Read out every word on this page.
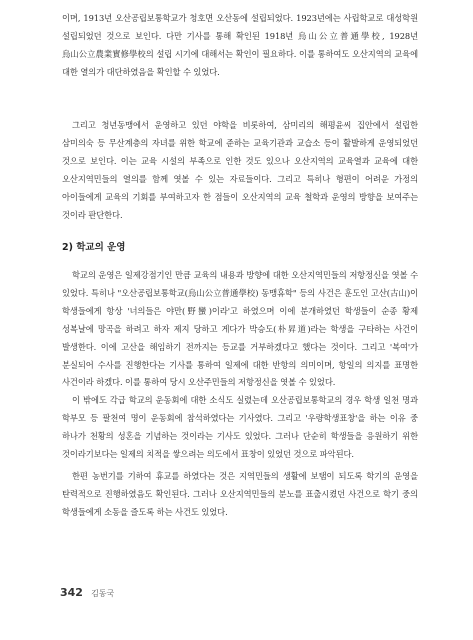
이며, 1913년 오산공립보통학교가 청호면 오산동에 설립되었다. 1923년에는 사립학교로 대성학원 설립되었던 것으로 보인다. 다만 기사를 통해 확인된 1918년 烏山公立普通學校, 1928년 烏山公立農業實修學校의 설립 시기에 대해서는 확인이 필요하다. 이를 통하여도 오산지역의 교육에 대한 열의가 대단하였음을 확인할 수 있었다.

그리고 청년동맹에서 운영하고 있던 야학을 비롯하여, 삼미리의 해평윤씨 집안에서 설립한 삼미의숙 등 무산계층의 자녀를 위한 학교에 준하는 교육기관과 교습소 등이 활발하게 운영되었던 것으로 보인다. 이는 교육 시설의 부족으로 인한 것도 있으나 오산지역의 교육열과 교육에 대한 오산지역민들의 열의를 함께 엿볼 수 있는 자료들이다. 그리고 특히나 형편이 어려운 가정의 아이들에게 교육의 기회를 부여하고자 한 점들이 오산지역의 교육 철학과 운영의 방향을 보여주는 것이라 판단한다.

2) 학교의 운영

학교의 운영은 일제강점기인 만큼 교육의 내용과 방향에 대한 오산지역민들의 저항정신을 엿볼 수 있었다. 특히나 "오산공립보통학교(烏山公立普通學校) 동맹휴학" 등의 사건은 훈도인 고산(古山)이 학생들에게 항상 '너의들은 야만(野蠻)이라'고 하였으며 이에 분개하였던 학생들이 순종 황제 성복날에 망곡을 하려고 하자 제지 당하고 게다가 박승도(朴昇道)라는 학생을 구타하는 사건이 발생한다. 이에 고산을 해임하기 전까지는 등교를 거부하겠다고 했다는 것이다. 그리고 '복여'가 분실되어 수사를 진행한다는 기사를 통하여 일제에 대한 반항의 의미이며, 항일의 의지를 표명한 사건이라 하겠다. 이를 통하여 당시 오산주민들의 저항정신을 엿볼 수 있었다.

이 밖에도 각급 학교의 운동회에 대한 소식도 실렸는데 오산공립보통학교의 경우 학생 일천 명과 학부모 등 팔천여 명이 운동회에 참석하였다는 기사였다. 그리고 '우량학생표창'을 하는 이유 중 하나가 천황의 성혼을 기념하는 것이라는 기사도 있었다. 그러나 단순히 학생들을 응원하기 위한 것이라기보다는 일제의 치적을 쌓으려는 의도에서 표창이 있었던 것으로 파악된다.

한편 농번기를 기하여 휴교를 하였다는 것은 지역민들의 생활에 보탬이 되도록 학기의 운영을 탄력적으로 진행하였음도 확인된다. 그러나 오산지역민들의 분노를 표출시켰던 사건으로 학기 중의 학생들에게 소동을 즐도록 하는 사건도 있었다.

342 김동국
